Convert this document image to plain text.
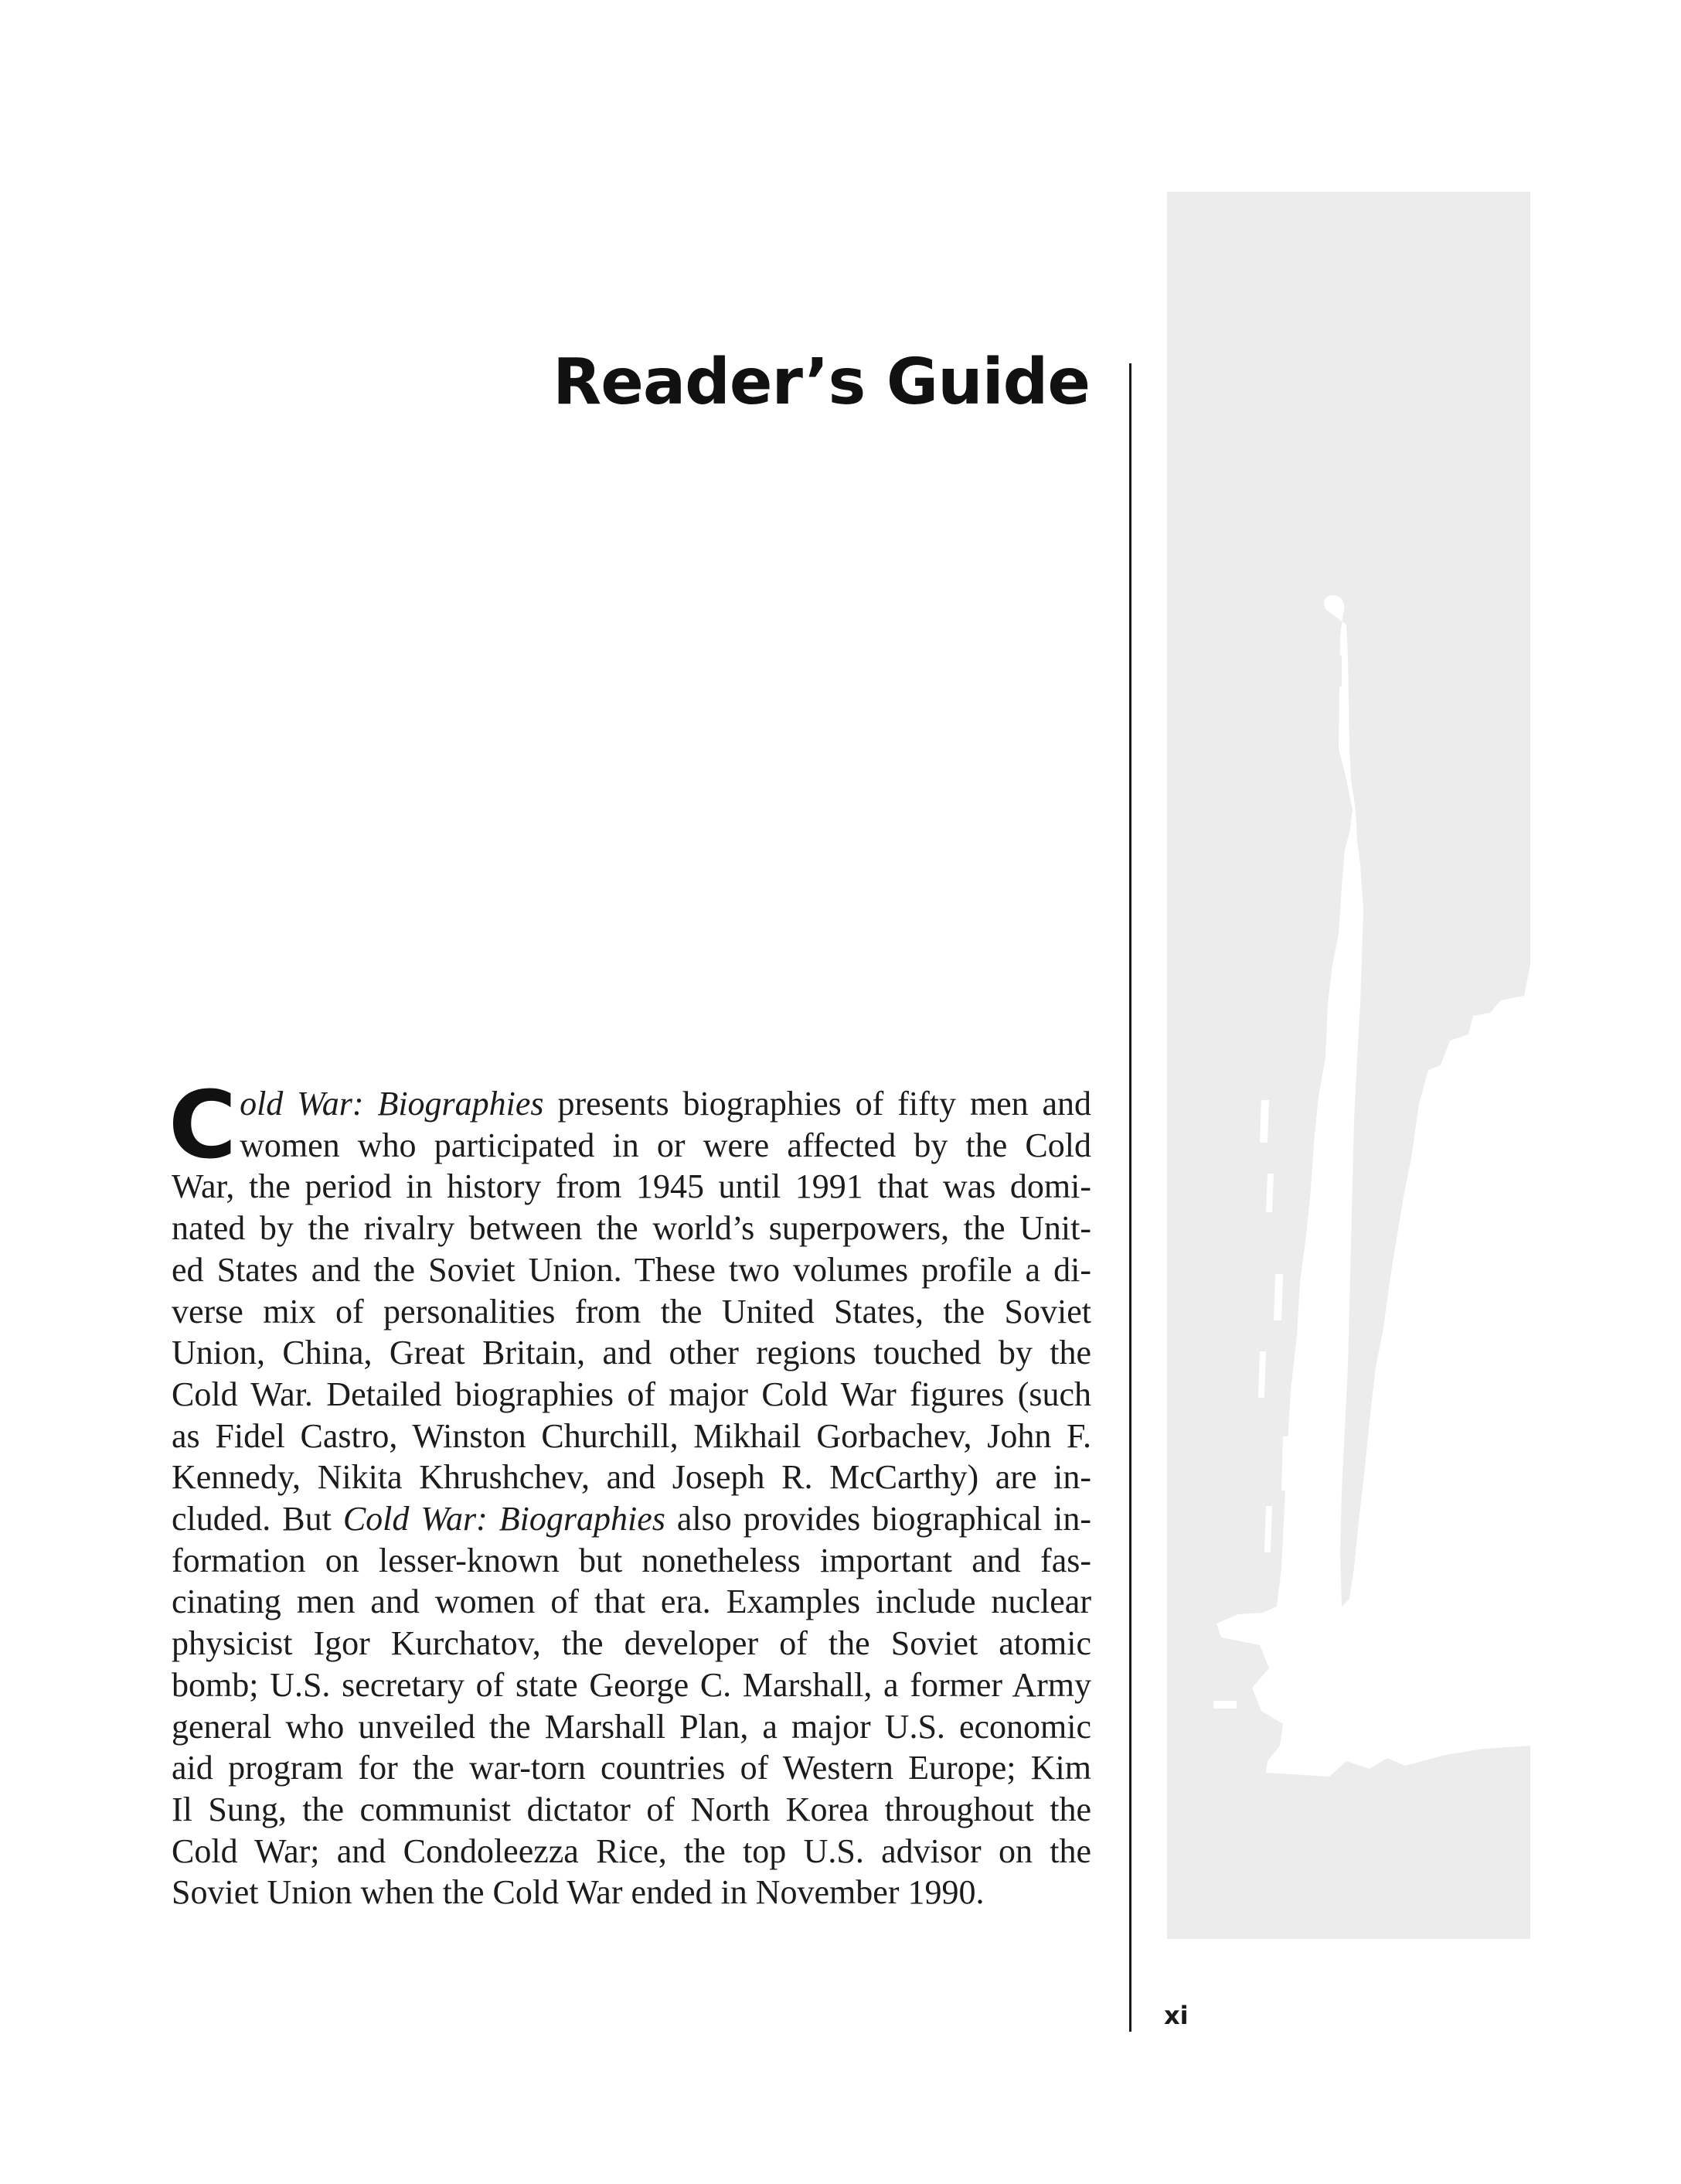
Reader’s Guide
C old War: Biographies presents biographies of fifty men and
women who participated in or were affected by the Cold
War, the period in history from 1945 until 1991 that was domi-
nated by the rivalry between the world’s superpowers, the Unit-
ed States and the Soviet Union. These two volumes profile a di-
verse mix of personalities from the United States, the Soviet
Union, China, Great Britain, and other regions touched by the
Cold War. Detailed biographies of major Cold War figures (such
as Fidel Castro, Winston Churchill, Mikhail Gorbachev, John F.
Kennedy, Nikita Khrushchev, and Joseph R. McCarthy) are in-
cluded. But Cold War: Biographies also provides biographical in-
formation on lesser-known but nonetheless important and fas-
cinating men and women of that era. Examples include nuclear
physicist Igor Kurchatov, the developer of the Soviet atomic
bomb; U.S. secretary of state George C. Marshall, a former Army
general who unveiled the Marshall Plan, a major U.S. economic
aid program for the war-torn countries of Western Europe; Kim
Il Sung, the communist dictator of North Korea throughout the
Cold War; and Condoleezza Rice, the top U.S. advisor on the
Soviet Union when the Cold War ended in November 1990.
xi
